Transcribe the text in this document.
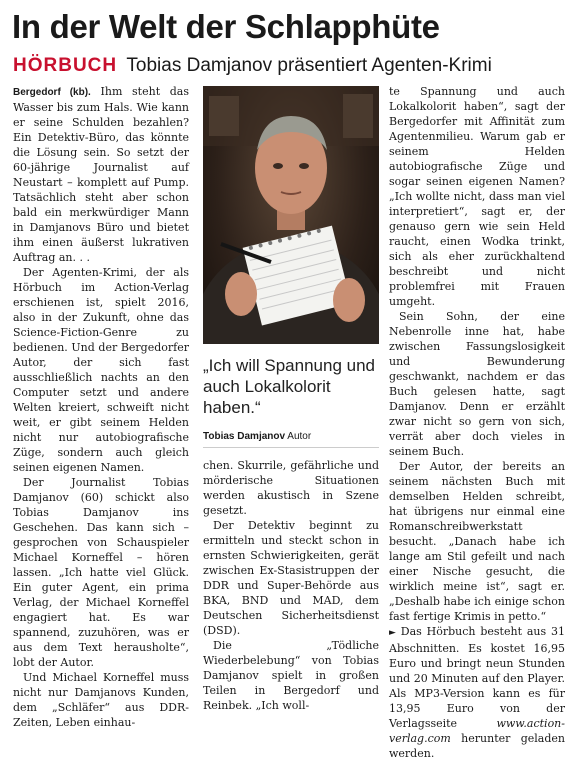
In der Welt der Schlapphüte
HÖRBUCH Tobias Damjanov präsentiert Agenten-Krimi

Bergedorf (kb). Ihm steht das Wasser bis zum Hals. Wie kann er seine Schulden bezahlen? Ein Detektiv-Büro, das könnte die Lösung sein. So setzt der 60-jährige Journalist auf Neustart – komplett auf Pump. Tatsächlich steht aber schon bald ein merkwürdiger Mann in Damjanovs Büro und bietet ihm einen äußerst lukrativen Auftrag an. . .

Der Agenten-Krimi, der als Hörbuch im Action-Verlag erschienen ist, spielt 2016, also in der Zukunft, ohne das Science-Fiction-Genre zu bedienen. Und der Bergedorfer Autor, der sich fast ausschließlich nachts an den Computer setzt und andere Welten kreiert, schweift nicht weit, er gibt seinem Helden nicht nur autobiografische Züge, sondern auch gleich seinen eigenen Namen.

Der Journalist Tobias Damjanov (60) schickt also Tobias Damjanov ins Geschehen. Das kann sich – gesprochen von Schauspieler Michael Korneffel – hören lassen. „Ich hatte viel Glück. Ein guter Agent, ein prima Verlag, der Michael Korneffel engagiert hat. Es war spannend, zuzuhören, was er aus dem Text herausholte“, lobt der Autor.

Und Michael Korneffel muss nicht nur Damjanovs Kunden, dem „Schläfer“ aus DDR-Zeiten, Leben einhau-

„Ich will Spannung und auch Lokalkolorit haben.“
Tobias Damjanov Autor

chen. Skurrile, gefährliche und mörderische Situationen werden akustisch in Szene gesetzt.

Der Detektiv beginnt zu ermitteln und steckt schon in ernsten Schwierigkeiten, gerät zwischen Ex-Stasistruppen der DDR und Super-Behörde aus BKA, BND und MAD, dem Deutschen Sicherheitsdienst (DSD).

Die „Tödliche Wiederbelebung“ von Tobias Damjanov spielt in großen Teilen in Bergedorf und Reinbek. „Ich woll-

te Spannung und auch Lokalkolorit haben“, sagt der Bergedorfer mit Affinität zum Agentenmilieu. Warum gab er seinem Helden autobiografische Züge und sogar seinen eigenen Namen? „Ich wollte nicht, dass man viel interpretiert“, sagt er, der genauso gern wie sein Held raucht, einen Wodka trinkt, sich als eher zurückhaltend beschreibt und nicht problemfrei mit Frauen umgeht.

Sein Sohn, der eine Nebenrolle inne hat, habe zwischen Fassungslosigkeit und Bewunderung geschwankt, nachdem er das Buch gelesen hatte, sagt Damjanov. Denn er erzählt zwar nicht so gern von sich, verrät aber doch vieles in seinem Buch.

Der Autor, der bereits an seinem nächsten Buch mit demselben Helden schreibt, hat übrigens nur einmal eine Romanschreibwerkstatt besucht. „Danach habe ich lange am Stil gefeilt und nach einer Nische gesucht, die wirklich meine ist“, sagt er. „Deshalb habe ich einige schon fast fertige Krimis in petto.“

► Das Hörbuch besteht aus 31 Abschnitten. Es kostet 16,95 Euro und bringt neun Stunden und 20 Minuten auf den Player. Als MP3-Version kann es für 13,95 Euro von der Verlagsseite	www.action-verlag.com herunter geladen werden.
